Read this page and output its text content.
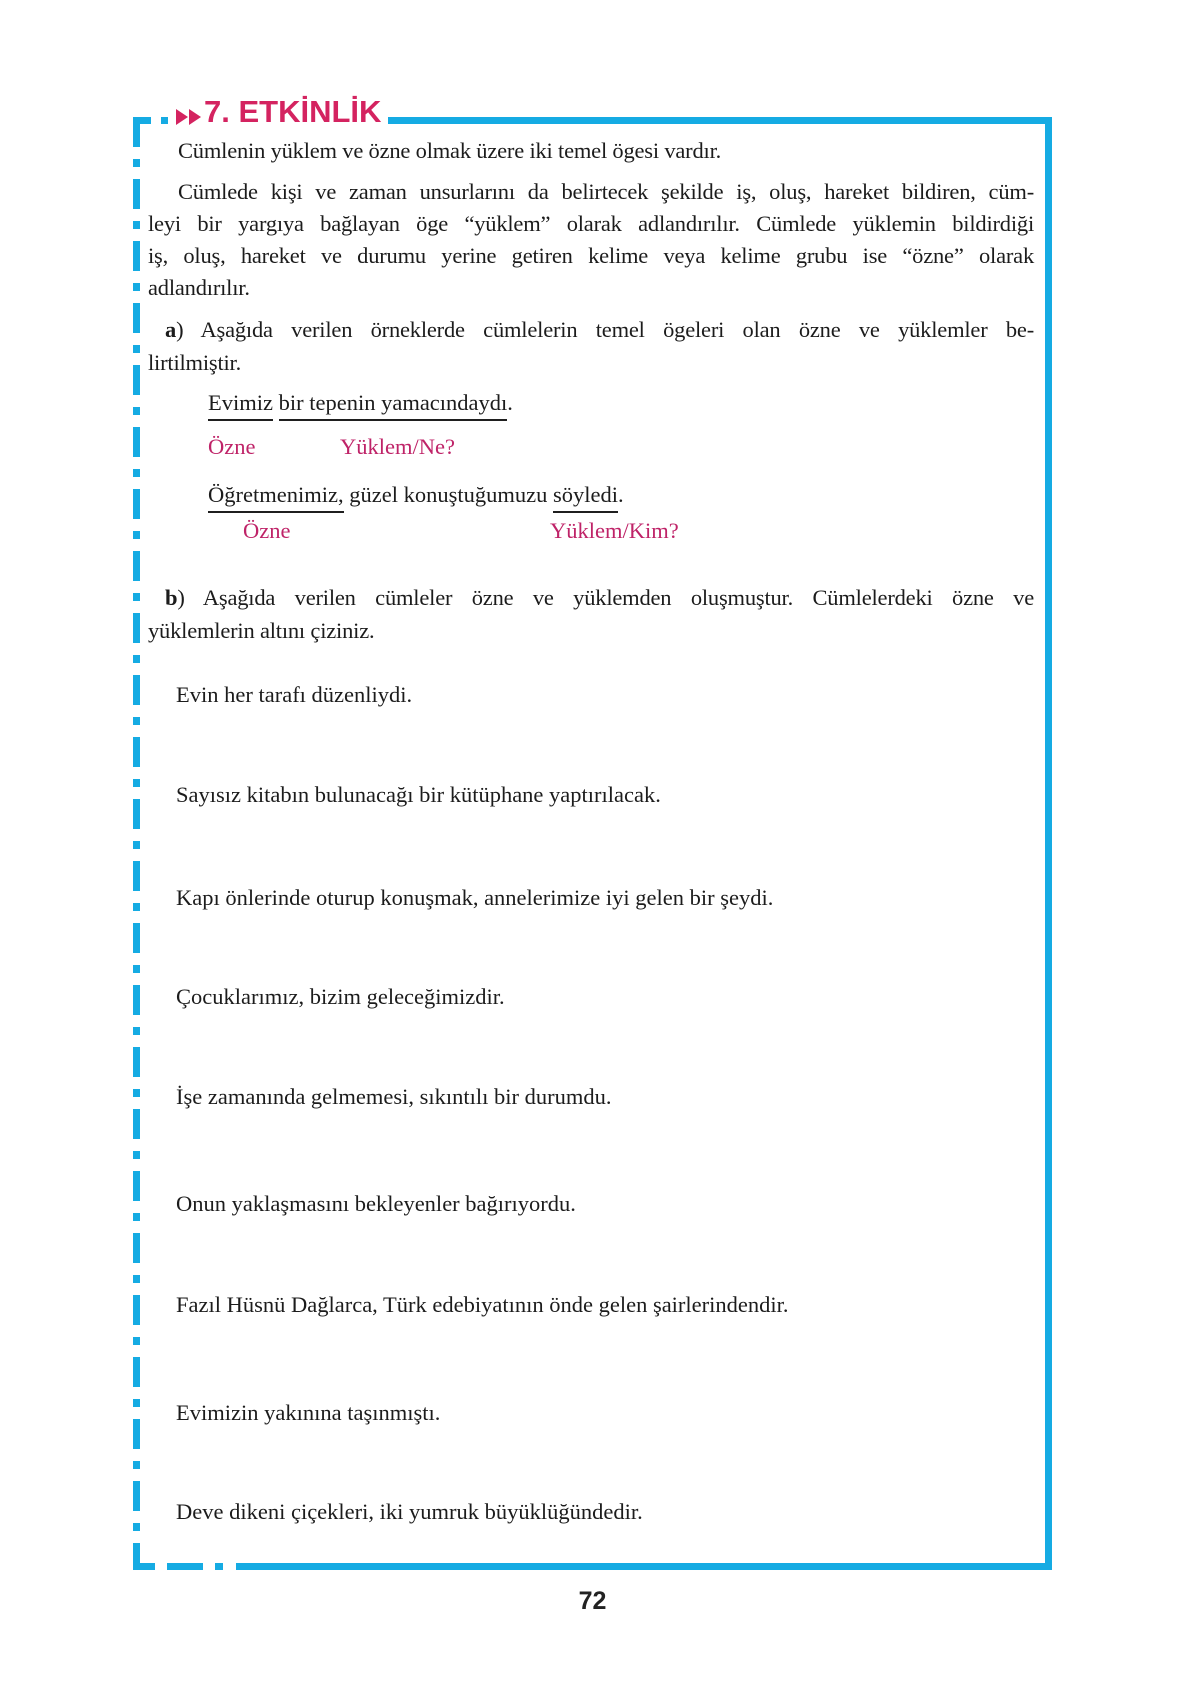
7. ETKİNLİK
Cümlenin yüklem ve özne olmak üzere iki temel ögesi vardır.
Cümlede kişi ve zaman unsurlarını da belirtecek şekilde iş, oluş, hareket bildiren, cüm-
leyi bir yargıya bağlayan öge “yüklem” olarak adlandırılır. Cümlede yüklemin bildirdiği
iş, oluş, hareket ve durumu yerine getiren kelime veya kelime grubu ise “özne” olarak
adlandırılır.
a) Aşağıda verilen örneklerde cümlelerin temel ögeleri olan özne ve yüklemler be-
lirtilmiştir.
Evimiz bir tepenin yamacındaydı.
Özne	Yüklem/Ne?
Öğretmenimiz, güzel konuştuğumuzu söyledi.
Özne	Yüklem/Kim?
b) Aşağıda verilen cümleler özne ve yüklemden oluşmuştur. Cümlelerdeki özne ve
yüklemlerin altını çiziniz.
Evin her tarafı düzenliydi.
Sayısız kitabın bulunacağı bir kütüphane yaptırılacak.
Kapı önlerinde oturup konuşmak, annelerimize iyi gelen bir şeydi.
Çocuklarımız, bizim geleceğimizdir.
İşe zamanında gelmemesi, sıkıntılı bir durumdu.
Onun yaklaşmasını bekleyenler bağırıyordu.
Fazıl Hüsnü Dağlarca, Türk edebiyatının önde gelen şairlerindendir.
Evimizin yakınına taşınmıştı.
Deve dikeni çiçekleri, iki yumruk büyüklüğündedir.
72
